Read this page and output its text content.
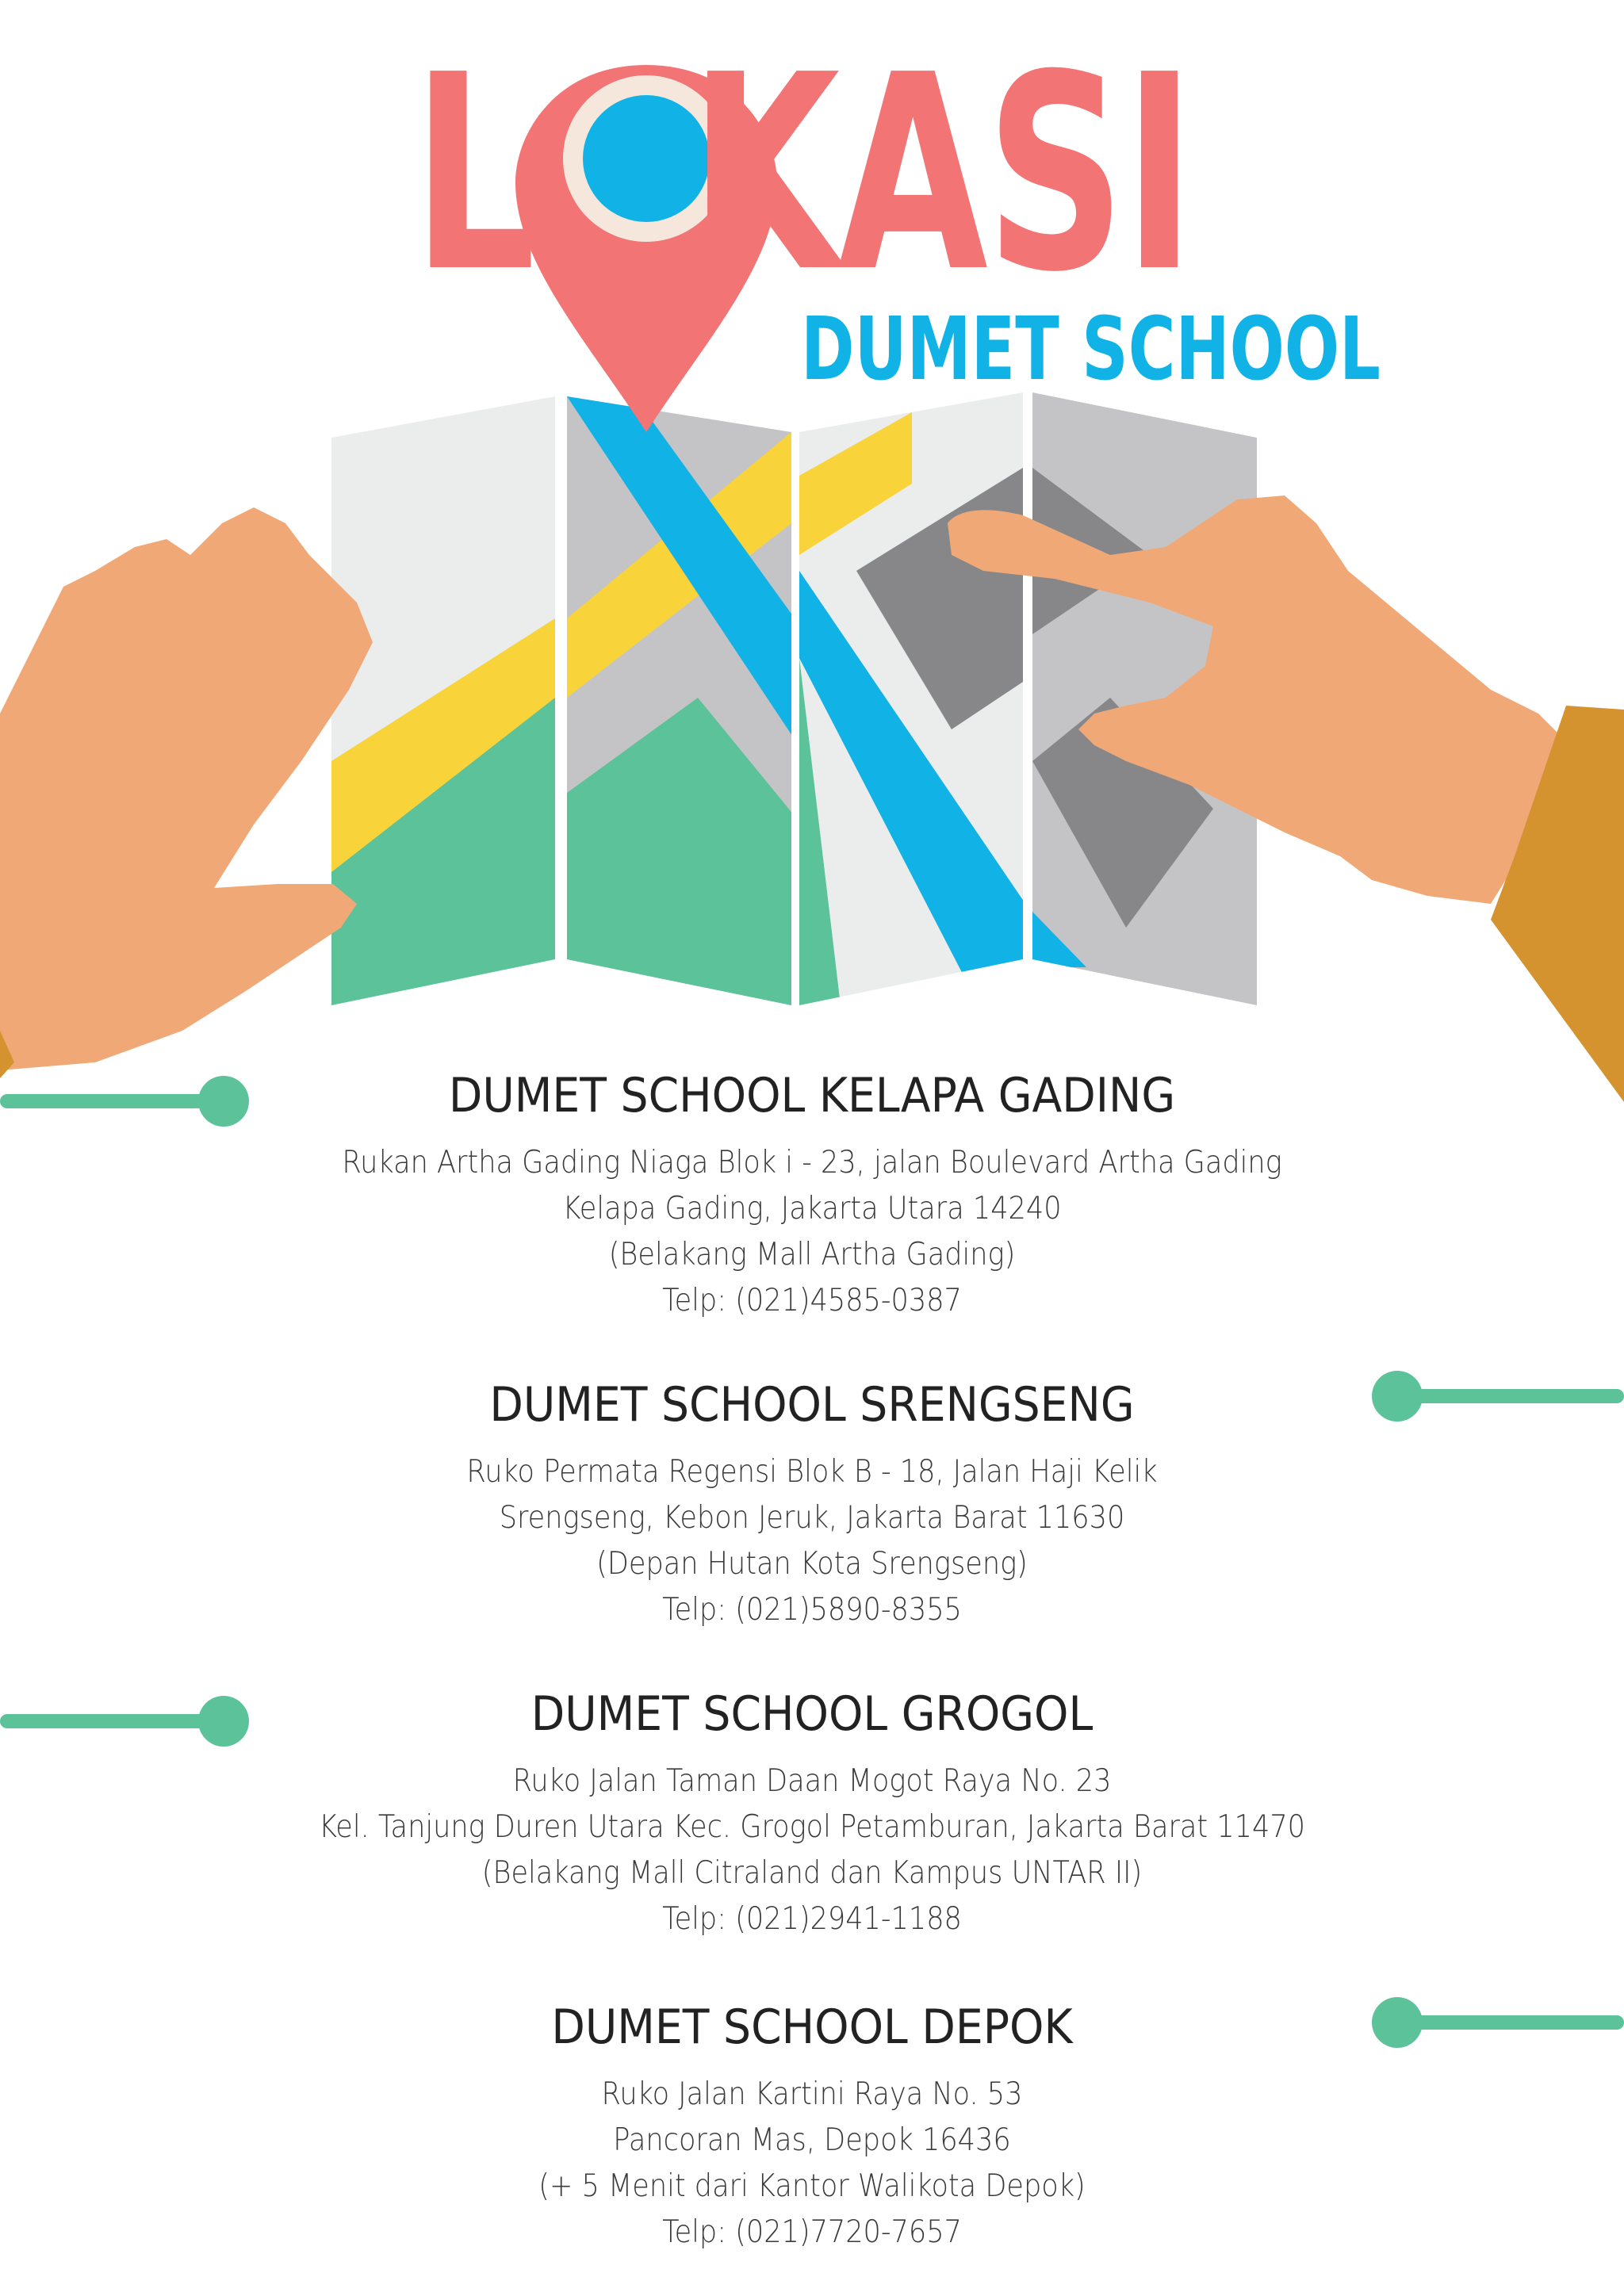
L KASI
DUMET SCHOOL
DUMET SCHOOL KELAPA GADING

Rukan Artha Gading Niaga Blok i - 23, jalan Boulevard Artha Gading
Kelapa Gading, Jakarta Utara 14240
(Belakang Mall Artha Gading)
Telp: (021)4585-0387

DUMET SCHOOL SRENGSENG

Ruko Permata Regensi Blok B - 18, Jalan Haji Kelik
Srengseng, Kebon Jeruk, Jakarta Barat 11630
(Depan Hutan Kota Srengseng)
Telp: (021)5890-8355

DUMET SCHOOL GROGOL

Ruko Jalan Taman Daan Mogot Raya No. 23
Kel. Tanjung Duren Utara Kec. Grogol Petamburan, Jakarta Barat 11470
(Belakang Mall Citraland dan Kampus UNTAR II)
Telp: (021)2941-1188

DUMET SCHOOL DEPOK

Ruko Jalan Kartini Raya No. 53
Pancoran Mas, Depok 16436
(+ 5 Menit dari Kantor Walikota Depok)
Telp: (021)7720-7657
